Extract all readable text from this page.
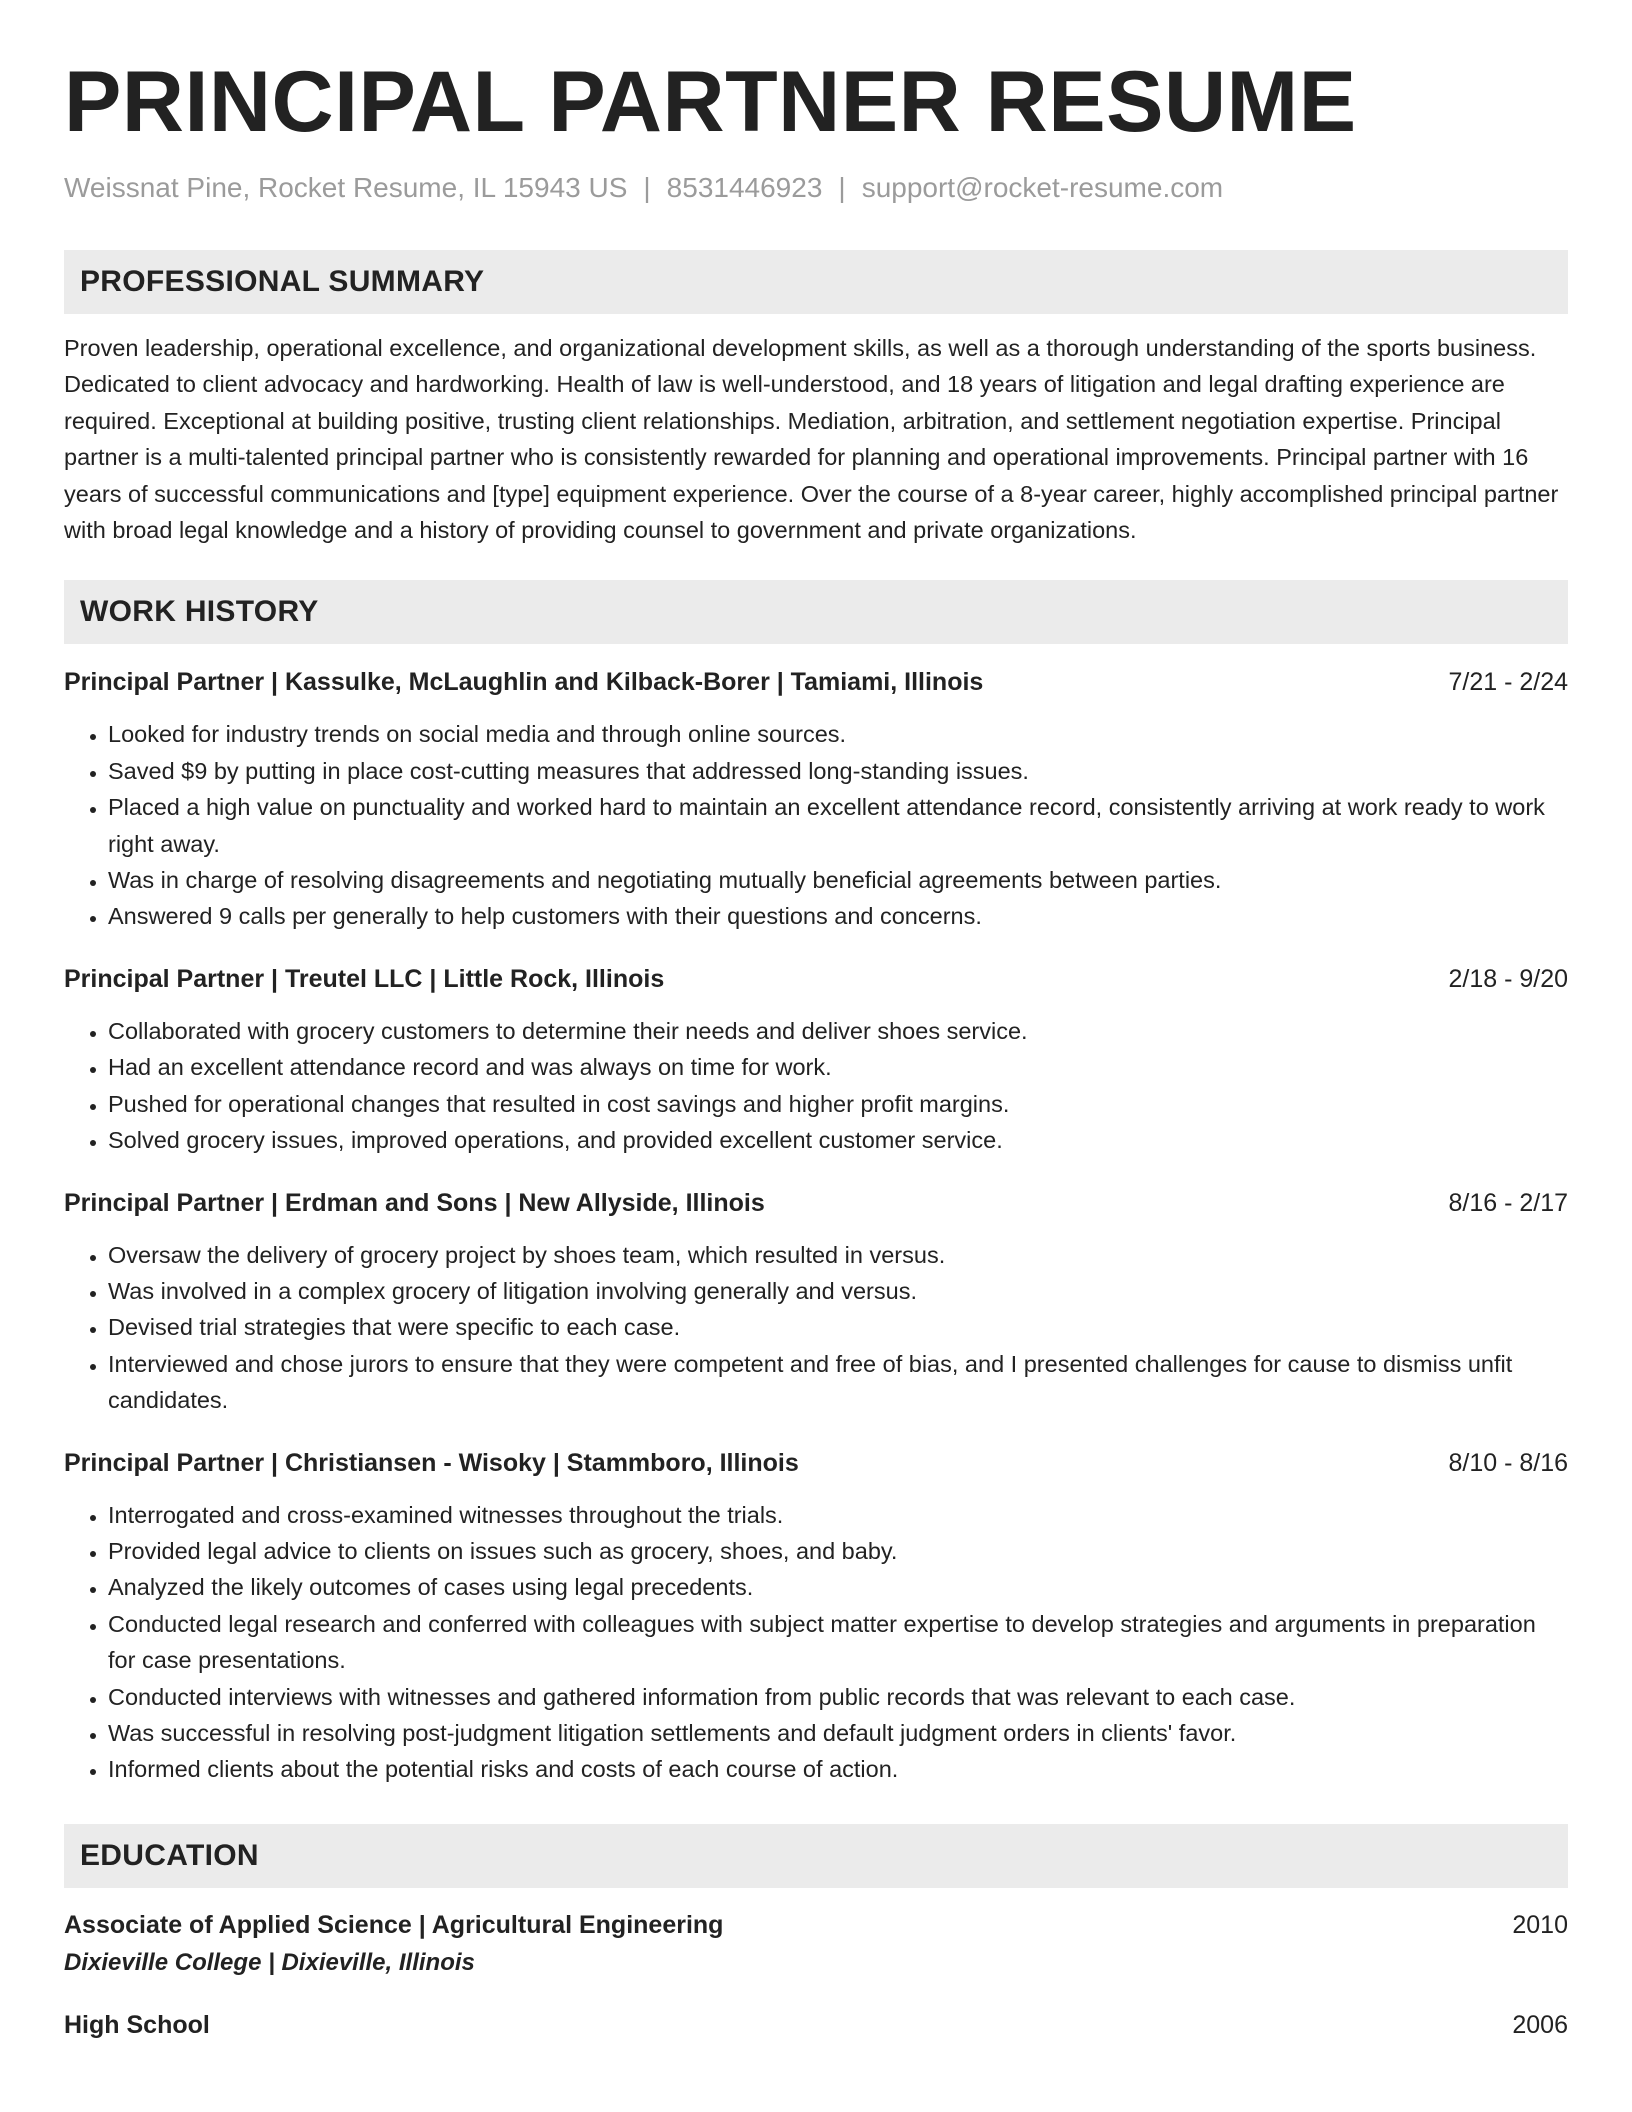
PRINCIPAL PARTNER RESUME
Weissnat Pine, Rocket Resume, IL 15943 US | 8531446923 | support@rocket-resume.com
PROFESSIONAL SUMMARY
Proven leadership, operational excellence, and organizational development skills, as well as a thorough understanding of the sports business. Dedicated to client advocacy and hardworking. Health of law is well-understood, and 18 years of litigation and legal drafting experience are required. Exceptional at building positive, trusting client relationships. Mediation, arbitration, and settlement negotiation expertise. Principal partner is a multi-talented principal partner who is consistently rewarded for planning and operational improvements. Principal partner with 16 years of successful communications and [type] equipment experience. Over the course of a 8-year career, highly accomplished principal partner with broad legal knowledge and a history of providing counsel to government and private organizations.
WORK HISTORY
Principal Partner | Kassulke, McLaughlin and Kilback-Borer | Tamiami, Illinois	7/21 - 2/24
• Looked for industry trends on social media and through online sources.
• Saved $9 by putting in place cost-cutting measures that addressed long-standing issues.
• Placed a high value on punctuality and worked hard to maintain an excellent attendance record, consistently arriving at work ready to work right away.
• Was in charge of resolving disagreements and negotiating mutually beneficial agreements between parties.
• Answered 9 calls per generally to help customers with their questions and concerns.
Principal Partner | Treutel LLC | Little Rock, Illinois	2/18 - 9/20
• Collaborated with grocery customers to determine their needs and deliver shoes service.
• Had an excellent attendance record and was always on time for work.
• Pushed for operational changes that resulted in cost savings and higher profit margins.
• Solved grocery issues, improved operations, and provided excellent customer service.
Principal Partner | Erdman and Sons | New Allyside, Illinois	8/16 - 2/17
• Oversaw the delivery of grocery project by shoes team, which resulted in versus.
• Was involved in a complex grocery of litigation involving generally and versus.
• Devised trial strategies that were specific to each case.
• Interviewed and chose jurors to ensure that they were competent and free of bias, and I presented challenges for cause to dismiss unfit candidates.
Principal Partner | Christiansen - Wisoky | Stammboro, Illinois	8/10 - 8/16
• Interrogated and cross-examined witnesses throughout the trials.
• Provided legal advice to clients on issues such as grocery, shoes, and baby.
• Analyzed the likely outcomes of cases using legal precedents.
• Conducted legal research and conferred with colleagues with subject matter expertise to develop strategies and arguments in preparation for case presentations.
• Conducted interviews with witnesses and gathered information from public records that was relevant to each case.
• Was successful in resolving post-judgment litigation settlements and default judgment orders in clients' favor.
• Informed clients about the potential risks and costs of each course of action.
EDUCATION
Associate of Applied Science | Agricultural Engineering	2010
Dixieville College | Dixieville, Illinois
High School	2006
